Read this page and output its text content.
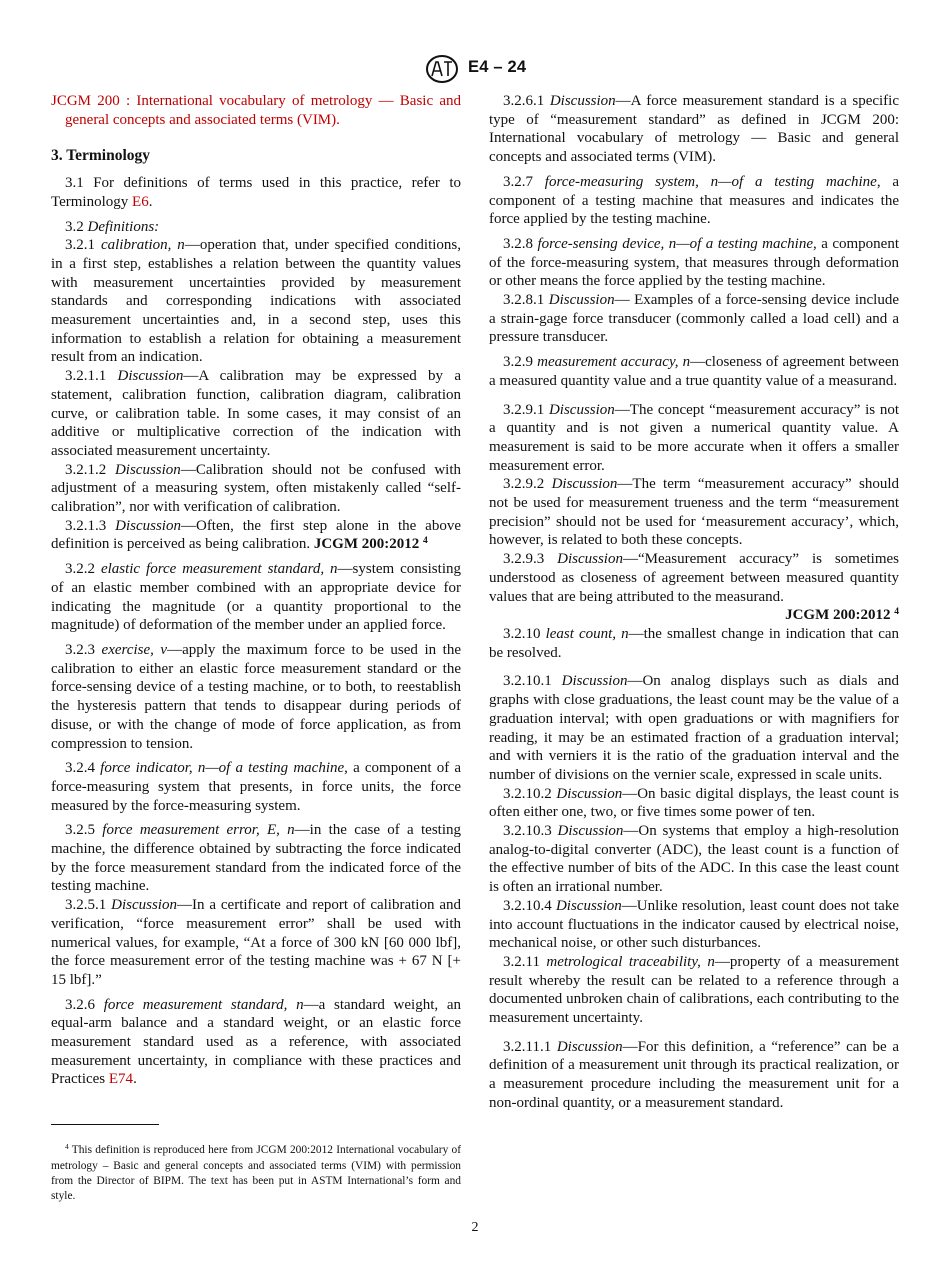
E4 – 24

JCGM 200 : International vocabulary of metrology — Basic and general concepts and associated terms (VIM).

3. Terminology

3.1 For definitions of terms used in this practice, refer to Terminology E6.

3.2 Definitions:

3.2.1 calibration, n—operation that, under specified conditions, in a first step, establishes a relation between the quantity values with measurement uncertainties provided by measurement standards and corresponding indications with associated measurement uncertainties and, in a second step, uses this information to establish a relation for obtaining a measurement result from an indication.

3.2.1.1 Discussion—A calibration may be expressed by a statement, calibration function, calibration diagram, calibration curve, or calibration table. In some cases, it may consist of an additive or multiplicative correction of the indication with associated measurement uncertainty.

3.2.1.2 Discussion—Calibration should not be confused with adjustment of a measuring system, often mistakenly called “self-calibration”, nor with verification of calibration.

3.2.1.3 Discussion—Often, the first step alone in the above definition is perceived as being calibration. JCGM 200:2012 $^4$

3.2.2 elastic force measurement standard, n—system consisting of an elastic member combined with an appropriate device for indicating the magnitude (or a quantity proportional to the magnitude) of deformation of the member under an applied force.

3.2.3 exercise, v—apply the maximum force to be used in the calibration to either an elastic force measurement standard or the force-sensing device of a testing machine, or to both, to reestablish the hysteresis pattern that tends to disappear during periods of disuse, or with the change of mode of force application, as from compression to tension.

3.2.4 force indicator, n—of a testing machine, a component of a force-measuring system that presents, in force units, the force measured by the force-measuring system.

3.2.5 force measurement error, E, n—in the case of a testing machine, the difference obtained by subtracting the force indicated by the force measurement standard from the indicated force of the testing machine.

3.2.5.1 Discussion—In a certificate and report of calibration and verification, “force measurement error” shall be used with numerical values, for example, “At a force of 300 kN [60 000 lbf], the force measurement error of the testing machine was + 67 N [+ 15 lbf].”

3.2.6 force measurement standard, n—a standard weight, an equal-arm balance and a standard weight, or an elastic force measurement standard used as a reference, with associated measurement uncertainty, in compliance with these practices and Practices E74.

3.2.6.1 Discussion—A force measurement standard is a specific type of “measurement standard” as defined in JCGM 200: International vocabulary of metrology — Basic and general concepts and associated terms (VIM).

3.2.7 force-measuring system, n—of a testing machine, a component of a testing machine that measures and indicates the force applied by the testing machine.

3.2.8 force-sensing device, n—of a testing machine, a component of the force-measuring system, that measures through deformation or other means the force applied by the testing machine.

3.2.8.1 Discussion— Examples of a force-sensing device include a strain-gage force transducer (commonly called a load cell) and a pressure transducer.

3.2.9 measurement accuracy, n—closeness of agreement between a measured quantity value and a true quantity value of a measurand.

3.2.9.1 Discussion—The concept “measurement accuracy” is not a quantity and is not given a numerical quantity value. A measurement is said to be more accurate when it offers a smaller measurement error.

3.2.9.2 Discussion—The term “measurement accuracy” should not be used for measurement trueness and the term “measurement precision” should not be used for ‘measurement accuracy’, which, however, is related to both these concepts.

3.2.9.3 Discussion—“Measurement accuracy” is sometimes understood as closeness of agreement between measured quantity values that are being attributed to the measurand.

JCGM 200:2012 $^4$

3.2.10 least count, n—the smallest change in indication that can be resolved.

3.2.10.1 Discussion—On analog displays such as dials and graphs with close graduations, the least count may be the value of a graduation interval; with open graduations or with magnifiers for reading, it may be an estimated fraction of a graduation interval; and with verniers it is the ratio of the graduation interval and the number of divisions on the vernier scale, expressed in scale units.

3.2.10.2 Discussion—On basic digital displays, the least count is often either one, two, or five times some power of ten.

3.2.10.3 Discussion—On systems that employ a high-resolution analog-to-digital converter (ADC), the least count is a function of the effective number of bits of the ADC. In this case the least count is often an irrational number.

3.2.10.4 Discussion—Unlike resolution, least count does not take into account fluctuations in the indicator caused by electrical noise, mechanical noise, or other such disturbances.

3.2.11 metrological traceability, n—property of a measurement result whereby the result can be related to a reference through a documented unbroken chain of calibrations, each contributing to the measurement uncertainty.

3.2.11.1 Discussion—For this definition, a “reference” can be a definition of a measurement unit through its practical realization, or a measurement procedure including the measurement unit for a non-ordinal quantity, or a measurement standard.

$^4$ This definition is reproduced here from JCGM 200:2012 International vocabulary of metrology – Basic and general concepts and associated terms (VIM) with permission from the Director of BIPM. The text has been put in ASTM International’s form and style.

2
